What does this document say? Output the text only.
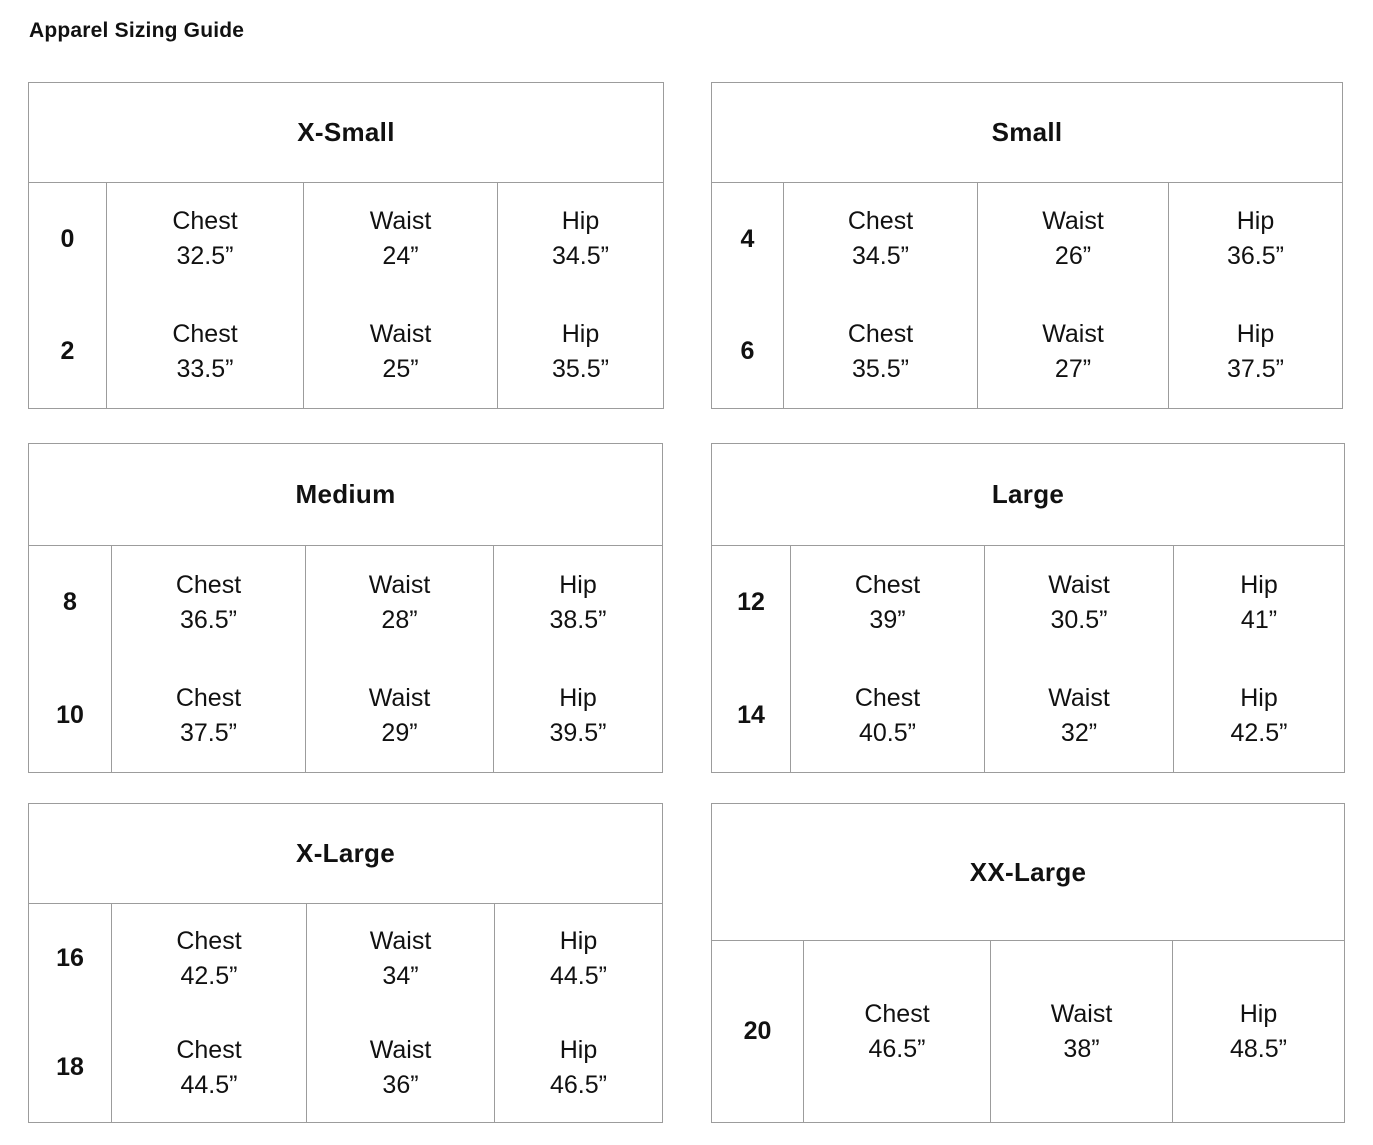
Apparel Sizing Guide
X-Small
0
2
Chest
32.5”
Chest
33.5”
Waist
24”
Waist
25”
Hip
34.5”
Hip
35.5”
Small
4
6
Chest
34.5”
Chest
35.5”
Waist
26”
Waist
27”
Hip
36.5”
Hip
37.5”
Medium
8
10
Chest
36.5”
Chest
37.5”
Waist
28”
Waist
29”
Hip
38.5”
Hip
39.5”
Large
12
14
Chest
39”
Chest
40.5”
Waist
30.5”
Waist
32”
Hip
41”
Hip
42.5”
X-Large
16
18
Chest
42.5”
Chest
44.5”
Waist
34”
Waist
36”
Hip
44.5”
Hip
46.5”
XX-Large
20
Chest
46.5”
Waist
38”
Hip
48.5”
